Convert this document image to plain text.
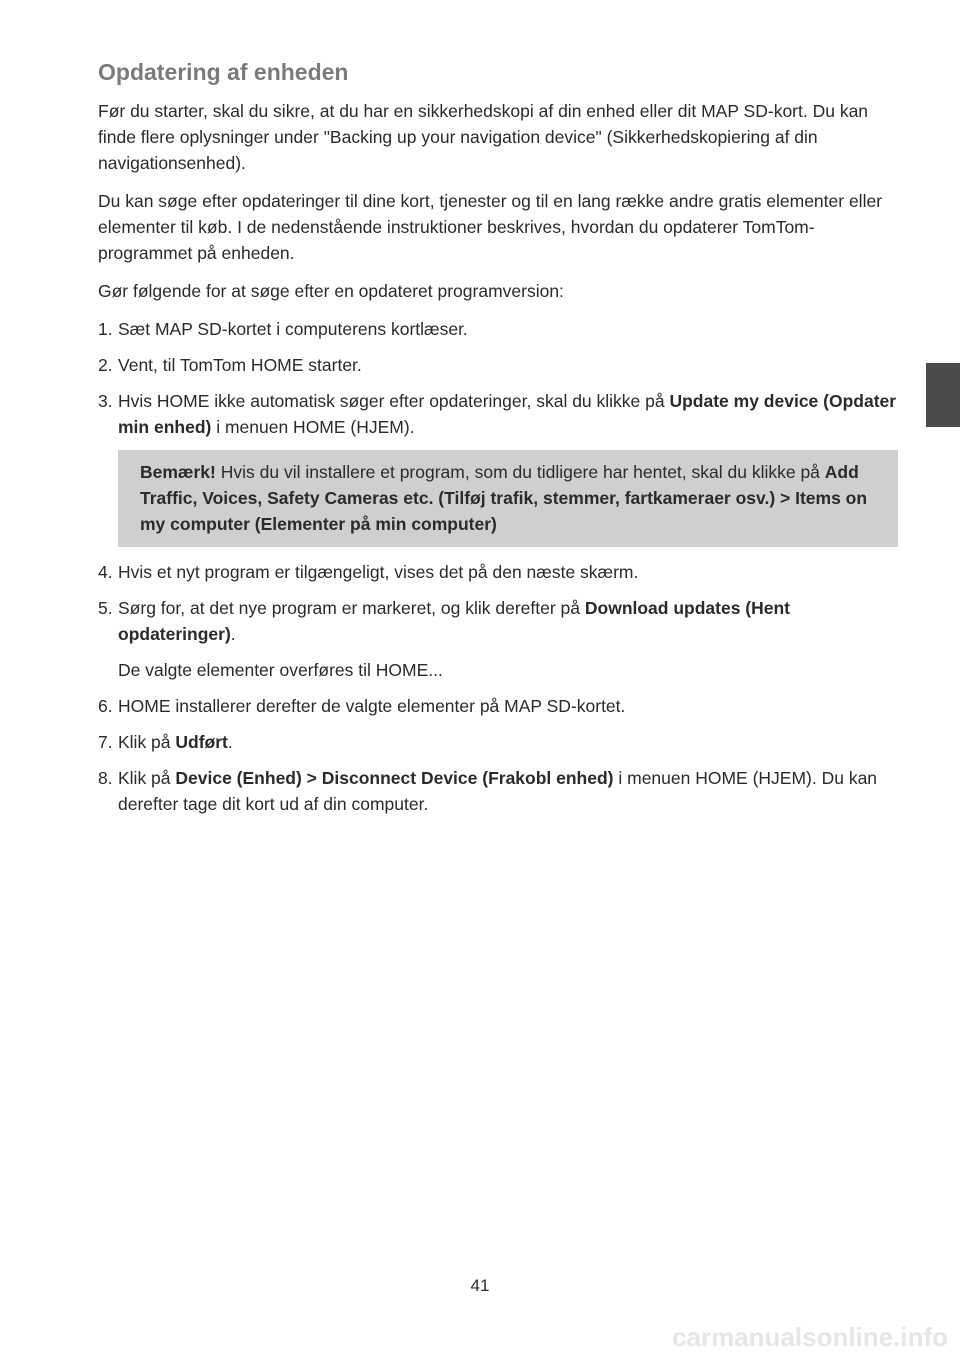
Opdatering af enheden

Før du starter, skal du sikre, at du har en sikkerhedskopi af din enhed eller dit MAP SD-kort. Du kan finde flere oplysninger under "Backing up your navigation device" (Sikkerhedskopiering af din navigationsenhed).

Du kan søge efter opdateringer til dine kort, tjenester og til en lang række andre gratis elementer eller elementer til køb. I de nedenstående instruktioner beskrives, hvordan du opdaterer TomTom-programmet på enheden.

Gør følgende for at søge efter en opdateret programversion:

1. Sæt MAP SD-kortet i computerens kortlæser.
2. Vent, til TomTom HOME starter.
3. Hvis HOME ikke automatisk søger efter opdateringer, skal du klikke på Update my device (Opdater min enhed) i menuen HOME (HJEM).
Bemærk! Hvis du vil installere et program, som du tidligere har hentet, skal du klikke på Add Traffic, Voices, Safety Cameras etc. (Tilføj trafik, stemmer, fartkameraer osv.) > Items on my computer (Elementer på min computer)
4. Hvis et nyt program er tilgængeligt, vises det på den næste skærm.
5. Sørg for, at det nye program er markeret, og klik derefter på Download updates (Hent opdateringer).
De valgte elementer overføres til HOME...
6. HOME installerer derefter de valgte elementer på MAP SD-kortet.
7. Klik på Udført.
8. Klik på Device (Enhed) > Disconnect Device (Frakobl enhed) i menuen HOME (HJEM). Du kan derefter tage dit kort ud af din computer.
41
carmanualsonline.info
